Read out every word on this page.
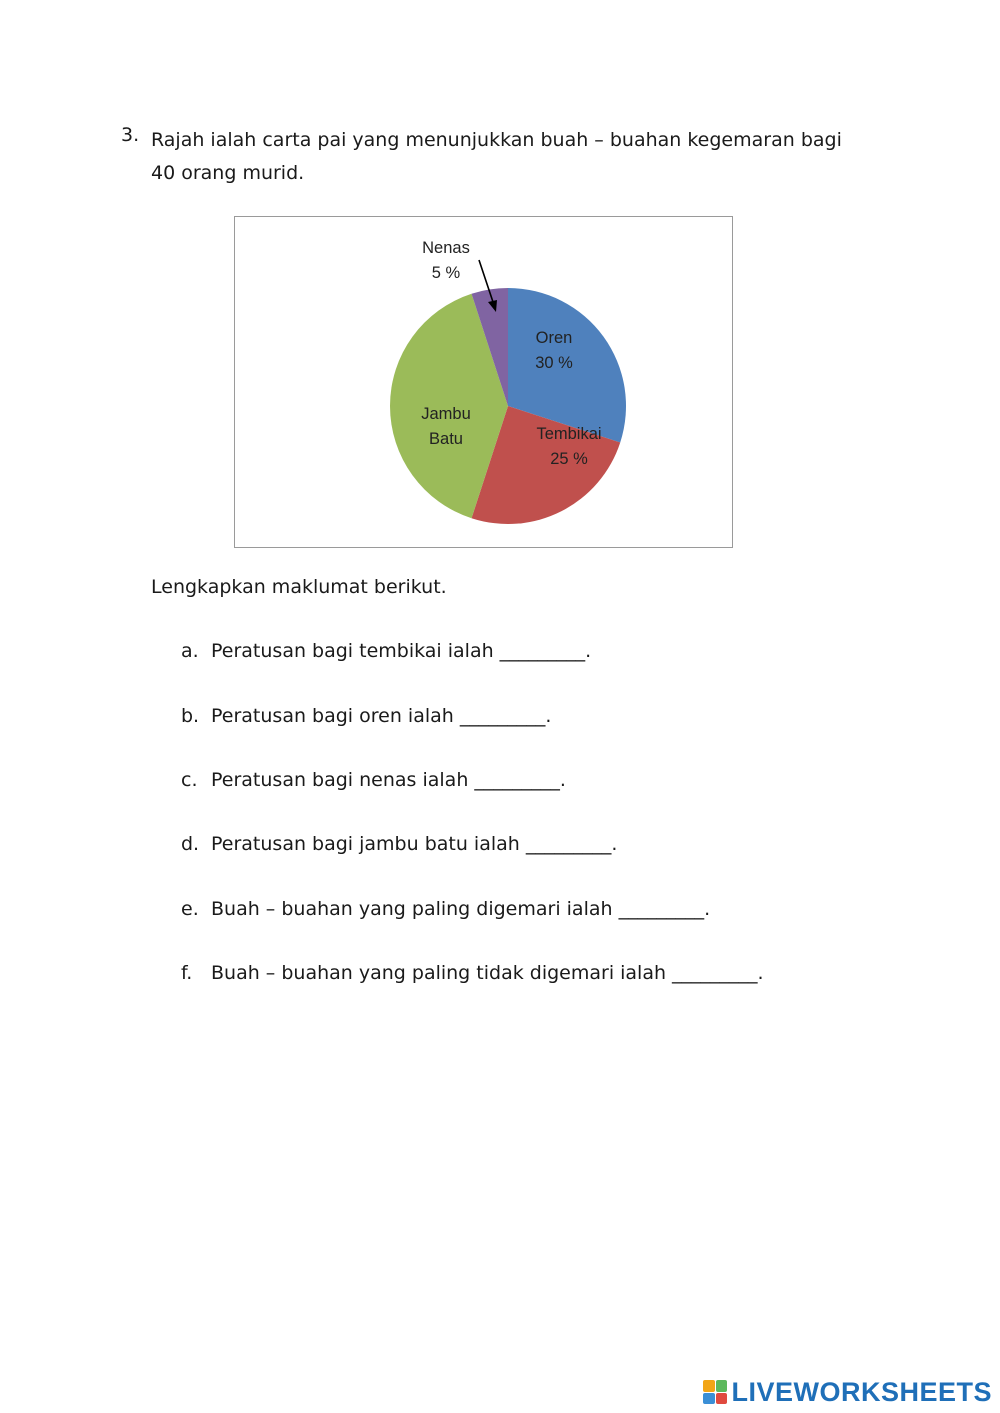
3. Rajah ialah carta pai yang menunjukkan buah – buahan kegemaran bagi 40 orang murid.
Oren
30 %
Tembikai
25 %
Jambu
Batu
Nenas
5 %
Lengkapkan maklumat berikut.
a. Peratusan bagi tembikai ialah _________.
b. Peratusan bagi oren ialah _________.
c. Peratusan bagi nenas ialah _________.
d. Peratusan bagi jambu batu ialah _________.
e. Buah – buahan yang paling digemari ialah _________.
f. Buah – buahan yang paling tidak digemari ialah _________.
LIVEWORKSHEETS
